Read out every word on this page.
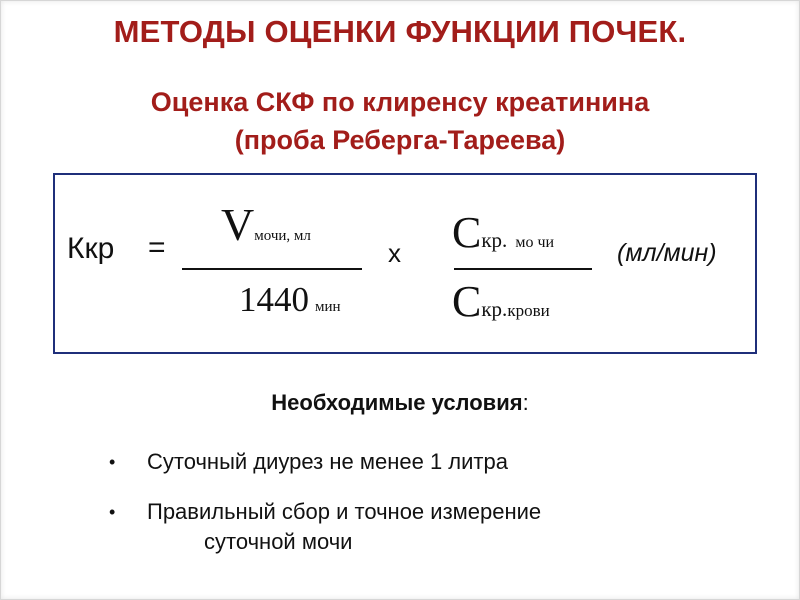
МЕТОДЫ ОЦЕНКИ ФУНКЦИИ ПОЧЕК.
Оценка СКФ по клиренсу креатинина
(проба Реберга-Тареева)
Ккр = Vмочи, мл
1440 мин
x Cкр. мо чи
Cкр.крови
(мл/мин)
Необходимые условия:
• Суточный диурез не менее 1 литра
• Правильный сбор и точное измерение
суточной мочи
